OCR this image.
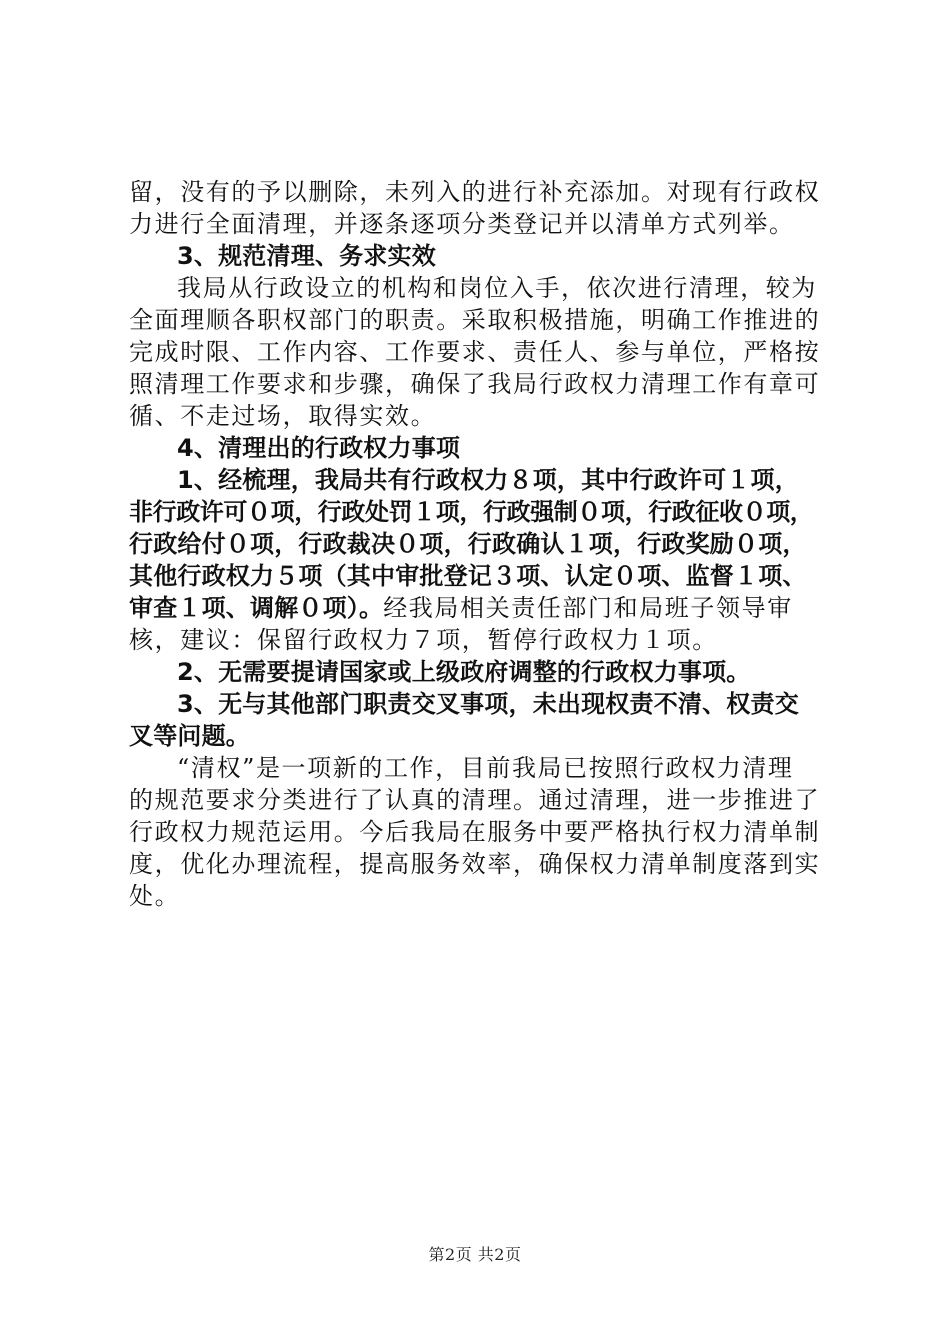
留，没有的予以删除，未列入的进行补充添加。对现有行政权

力进行全面清理，并逐条逐项分类登记并以清单方式列举。

3、规范清理、务求实效

我局从行政设立的机构和岗位入手，依次进行清理，较为

全面理顺各职权部门的职责。采取积极措施，明确工作推进的

完成时限、工作内容、工作要求、责任人、参与单位，严格按

照清理工作要求和步骤，确保了我局行政权力清理工作有章可

循、不走过场，取得实效。

4、清理出的行政权力事项

1、经梳理，我局共有行政权力８项，其中行政许可１项，

非行政许可０项，行政处罚１项，行政强制０项，行政征收０项，

行政给付０项，行政裁决０项，行政确认１项，行政奖励０项，

其他行政权力５项（其中审批登记３项、认定０项、监督１项、

审查１项、调解０项）。经我局相关责任部门和局班子领导审

核，建议：保留行政权力７项，暂停行政权力１项。

2、无需要提请国家或上级政府调整的行政权力事项。

3、无与其他部门职责交叉事项，未出现权责不清、权责交

叉等问题。

“清权”是一项新的工作，目前我局已按照行政权力清理

的规范要求分类进行了认真的清理。通过清理，进一步推进了

行政权力规范运用。今后我局在服务中要严格执行权力清单制

度，优化办理流程，提高服务效率，确保权力清单制度落到实

处。

第2页 共2页
